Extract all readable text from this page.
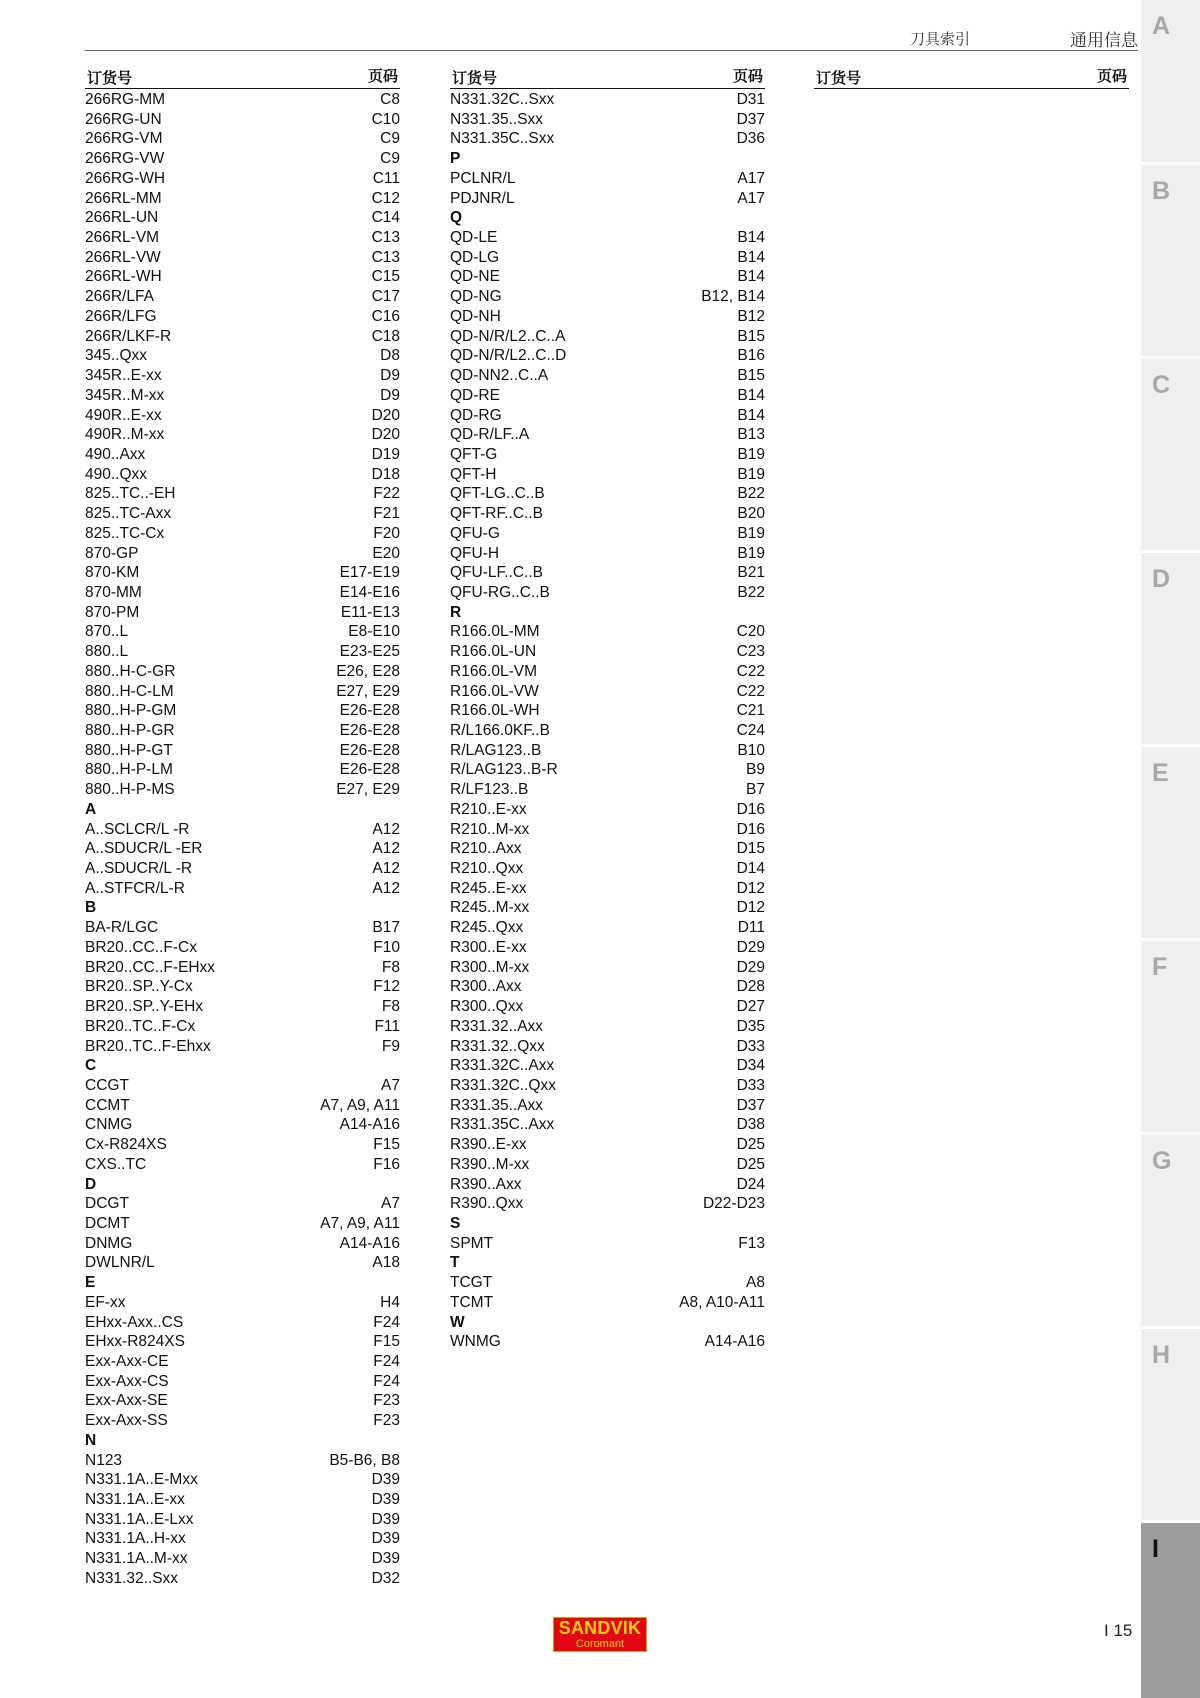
刀具索引	通用信息
A
B
C
D
E
F
G
H
I
订货号	页码
266RG-MM	C8
266RG-UN	C10
266RG-VM	C9
266RG-VW	C9
266RG-WH	C11
266RL-MM	C12
266RL-UN	C14
266RL-VM	C13
266RL-VW	C13
266RL-WH	C15
266R/LFA	C17
266R/LFG	C16
266R/LKF-R	C18
345..Qxx	D8
345R..E-xx	D9
345R..M-xx	D9
490R..E-xx	D20
490R..M-xx	D20
490..Axx	D19
490..Qxx	D18
825..TC..-EH	F22
825..TC-Axx	F21
825..TC-Cx	F20
870-GP	E20
870-KM	E17-E19
870-MM	E14-E16
870-PM	E11-E13
870..L	E8-E10
880..L	E23-E25
880..H-C-GR	E26, E28
880..H-C-LM	E27, E29
880..H-P-GM	E26-E28
880..H-P-GR	E26-E28
880..H-P-GT	E26-E28
880..H-P-LM	E26-E28
880..H-P-MS	E27, E29
A
A..SCLCR/L -R	A12
A..SDUCR/L -ER	A12
A..SDUCR/L -R	A12
A..STFCR/L-R	A12
B
BA-R/LGC	B17
BR20..CC..F-Cx	F10
BR20..CC..F-EHxx	F8
BR20..SP..Y-Cx	F12
BR20..SP..Y-EHx	F8
BR20..TC..F-Cx	F11
BR20..TC..F-Ehxx	F9
C
CCGT	A7
CCMT	A7, A9, A11
CNMG	A14-A16
Cx-R824XS	F15
CXS..TC	F16
D
DCGT	A7
DCMT	A7, A9, A11
DNMG	A14-A16
DWLNR/L	A18
E
EF-xx	H4
EHxx-Axx..CS	F24
EHxx-R824XS	F15
Exx-Axx-CE	F24
Exx-Axx-CS	F24
Exx-Axx-SE	F23
Exx-Axx-SS	F23
N
N123	B5-B6, B8
N331.1A..E-Mxx	D39
N331.1A..E-xx	D39
N331.1A..E-Lxx	D39
N331.1A..H-xx	D39
N331.1A..M-xx	D39
N331.32..Sxx	D32
订货号	页码
N331.32C..Sxx	D31
N331.35..Sxx	D37
N331.35C..Sxx	D36
P
PCLNR/L	A17
PDJNR/L	A17
Q
QD-LE	B14
QD-LG	B14
QD-NE	B14
QD-NG	B12, B14
QD-NH	B12
QD-N/R/L2..C..A	B15
QD-N/R/L2..C..D	B16
QD-NN2..C..A	B15
QD-RE	B14
QD-RG	B14
QD-R/LF..A	B13
QFT-G	B19
QFT-H	B19
QFT-LG..C..B	B22
QFT-RF..C..B	B20
QFU-G	B19
QFU-H	B19
QFU-LF..C..B	B21
QFU-RG..C..B	B22
R
R166.0L-MM	C20
R166.0L-UN	C23
R166.0L-VM	C22
R166.0L-VW	C22
R166.0L-WH	C21
R/L166.0KF..B	C24
R/LAG123..B	B10
R/LAG123..B-R	B9
R/LF123..B	B7
R210..E-xx	D16
R210..M-xx	D16
R210..Axx	D15
R210..Qxx	D14
R245..E-xx	D12
R245..M-xx	D12
R245..Qxx	D11
R300..E-xx	D29
R300..M-xx	D29
R300..Axx	D28
R300..Qxx	D27
R331.32..Axx	D35
R331.32..Qxx	D33
R331.32C..Axx	D34
R331.32C..Qxx	D33
R331.35..Axx	D37
R331.35C..Axx	D38
R390..E-xx	D25
R390..M-xx	D25
R390..Axx	D24
R390..Qxx	D22-D23
S
SPMT	F13
T
TCGT	A8
TCMT	A8, A10-A11
W
WNMG	A14-A16
订货号	页码
SANDVIK
Coromant
I 15
